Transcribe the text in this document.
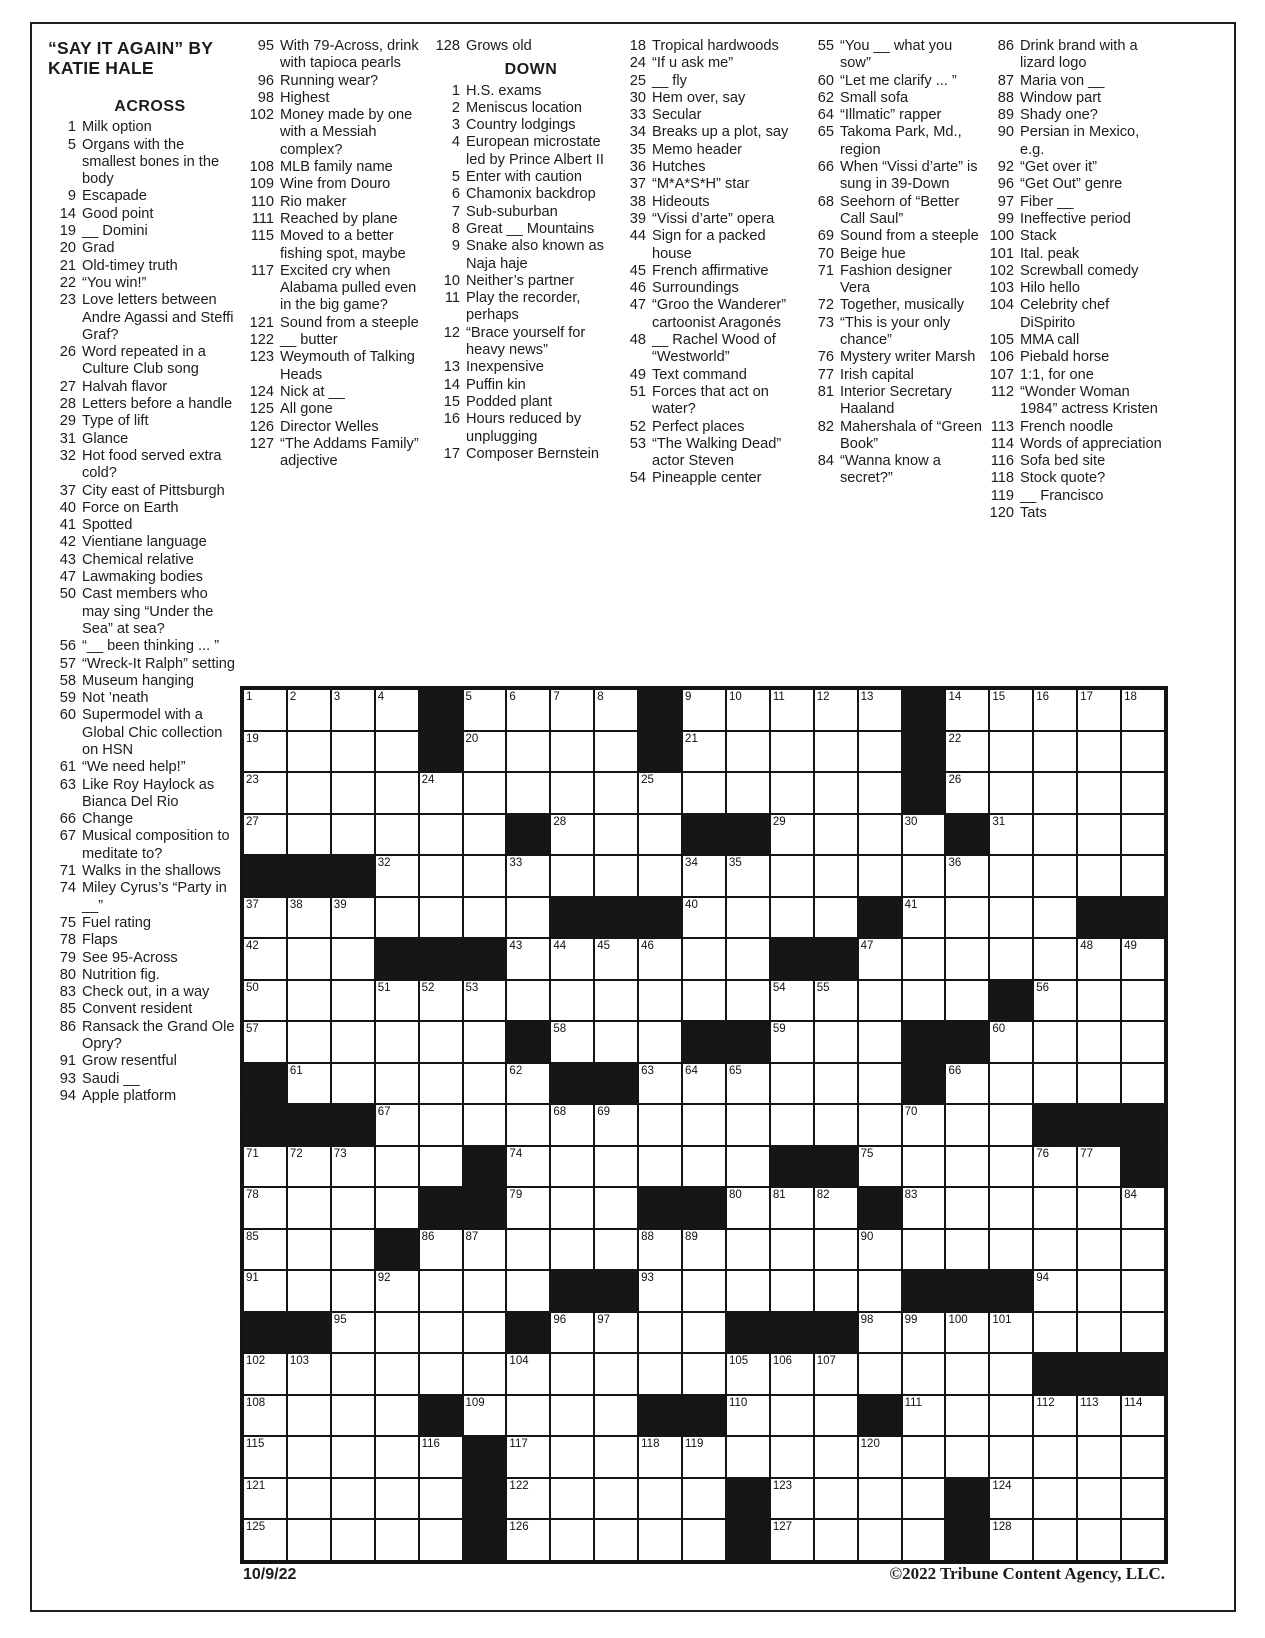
“SAY IT AGAIN” BY
KATIE HALE
ACROSS
1 Milk option
5 Organs with the smallest bones in the body
9 Escapade
14 Good point
19 __ Domini
20 Grad
21 Old-timey truth
22 “You win!”
23 Love letters between Andre Agassi and Steffi Graf?
26 Word repeated in a Culture Club song
27 Halvah flavor
28 Letters before a handle
29 Type of lift
31 Glance
32 Hot food served extra cold?
37 City east of Pittsburgh
40 Force on Earth
41 Spotted
42 Vientiane language
43 Chemical relative
47 Lawmaking bodies
50 Cast members who may sing “Under the Sea” at sea?
56 “__ been thinking ... ”
57 “Wreck-It Ralph” setting
58 Museum hanging
59 Not ’neath
60 Supermodel with a Global Chic collection on HSN
61 “We need help!”
63 Like Roy Haylock as Bianca Del Rio
66 Change
67 Musical composition to meditate to?
71 Walks in the shallows
74 Miley Cyrus’s “Party in __”
75 Fuel rating
78 Flaps
79 See 95-Across
80 Nutrition fig.
83 Check out, in a way
85 Convent resident
86 Ransack the Grand Ole Opry?
91 Grow resentful
93 Saudi __
94 Apple platform
95 With 79-Across, drink with tapioca pearls
96 Running wear?
98 Highest
102 Money made by one with a Messiah complex?
108 MLB family name
109 Wine from Douro
110 Rio maker
111 Reached by plane
115 Moved to a better fishing spot, maybe
117 Excited cry when Alabama pulled even in the big game?
121 Sound from a steeple
122 __ butter
123 Weymouth of Talking Heads
124 Nick at __
125 All gone
126 Director Welles
127 “The Addams Family” adjective
128 Grows old
DOWN
1 H.S. exams
2 Meniscus location
3 Country lodgings
4 European microstate led by Prince Albert II
5 Enter with caution
6 Chamonix backdrop
7 Sub-suburban
8 Great __ Mountains
9 Snake also known as Naja haje
10 Neither’s partner
11 Play the recorder, perhaps
12 “Brace yourself for heavy news”
13 Inexpensive
14 Puffin kin
15 Podded plant
16 Hours reduced by unplugging
17 Composer Bernstein
18 Tropical hardwoods
24 “If u ask me”
25 __ fly
30 Hem over, say
33 Secular
34 Breaks up a plot, say
35 Memo header
36 Hutches
37 “M*A*S*H” star
38 Hideouts
39 “Vissi d’arte” opera
44 Sign for a packed house
45 French affirmative
46 Surroundings
47 “Groo the Wanderer” cartoonist Aragonés
48 __ Rachel Wood of “Westworld”
49 Text command
51 Forces that act on water?
52 Perfect places
53 “The Walking Dead” actor Steven
54 Pineapple center
55 “You __ what you sow”
60 “Let me clarify ... ”
62 Small sofa
64 “Illmatic” rapper
65 Takoma Park, Md., region
66 When “Vissi d’arte” is sung in 39-Down
68 Seehorn of “Better Call Saul”
69 Sound from a steeple
70 Beige hue
71 Fashion designer Vera
72 Together, musically
73 “This is your only chance”
76 Mystery writer Marsh
77 Irish capital
81 Interior Secretary Haaland
82 Mahershala of “Green Book”
84 “Wanna know a secret?”
86 Drink brand with a lizard logo
87 Maria von __
88 Window part
89 Shady one?
90 Persian in Mexico, e.g.
92 “Get over it”
96 “Get Out” genre
97 Fiber __
99 Ineffective period
100 Stack
101 Ital. peak
102 Screwball comedy
103 Hilo hello
104 Celebrity chef DiSpirito
105 MMA call
106 Piebald horse
107 1:1, for one
112 “Wonder Woman 1984” actress Kristen
113 French noodle
114 Words of appreciation
116 Sofa bed site
118 Stock quote?
119 __ Francisco
120 Tats
1	2	3	4	5	6	7	8	9	10	11	12	13	14	15	16	17	18
19	20	21	22
23	24	25	26
27	28	29	30	31
32	33	34	35	36
37	38	39	40	41
42	43	44	45	46	47	48	49
50	51	52	53	54	55	56
57	58	59	60
61	62	63	64	65	66
67	68	69	70
71	72	73	74	75	76	77
78	79	80	81	82	83	84
85	86	87	88	89	90
91	92	93	94
95	96	97	98	99	100 101
102 103	104	105 106 107
108	109	110	111	112 113 114
115	116	117	118 119	120
121	122	123	124
125	126	127	128
10/9/22	©2022 Tribune Content Agency, LLC.
